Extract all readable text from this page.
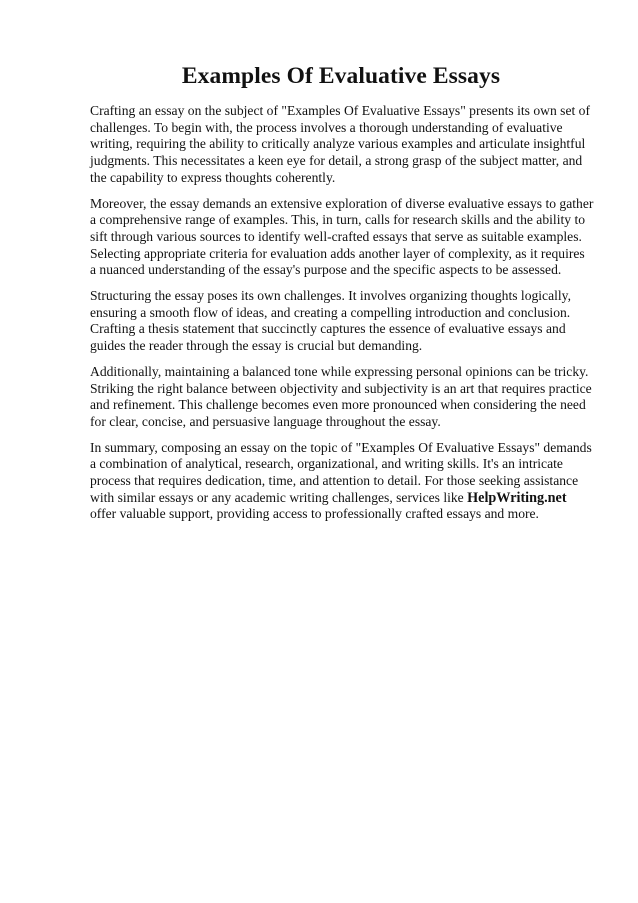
Examples Of Evaluative Essays

Crafting an essay on the subject of "Examples Of Evaluative Essays" presents its own set of challenges. To begin with, the process involves a thorough understanding of evaluative writing, requiring the ability to critically analyze various examples and articulate insightful judgments. This necessitates a keen eye for detail, a strong grasp of the subject matter, and the capability to express thoughts coherently.

Moreover, the essay demands an extensive exploration of diverse evaluative essays to gather a comprehensive range of examples. This, in turn, calls for research skills and the ability to sift through various sources to identify well-crafted essays that serve as suitable examples. Selecting appropriate criteria for evaluation adds another layer of complexity, as it requires a nuanced understanding of the essay's purpose and the specific aspects to be assessed.

Structuring the essay poses its own challenges. It involves organizing thoughts logically, ensuring a smooth flow of ideas, and creating a compelling introduction and conclusion. Crafting a thesis statement that succinctly captures the essence of evaluative essays and guides the reader through the essay is crucial but demanding.

Additionally, maintaining a balanced tone while expressing personal opinions can be tricky. Striking the right balance between objectivity and subjectivity is an art that requires practice and refinement. This challenge becomes even more pronounced when considering the need for clear, concise, and persuasive language throughout the essay.

In summary, composing an essay on the topic of "Examples Of Evaluative Essays" demands a combination of analytical, research, organizational, and writing skills. It's an intricate process that requires dedication, time, and attention to detail. For those seeking assistance with similar essays or any academic writing challenges, services like HelpWriting.net offer valuable support, providing access to professionally crafted essays and more.
